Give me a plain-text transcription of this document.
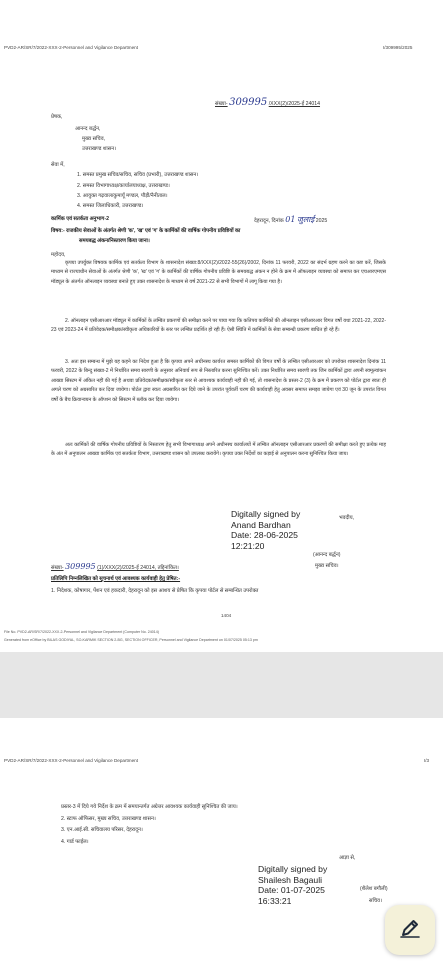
PVD2-AR/SR/7/2022-XXX-2-Personnel and Vigilance Department	I/309995/2025
संख्या- 309995 /XXX(2)/2025-ई 24014
प्रेषक,
आनन्द बर्द्धन,
मुख्य सचिव,
उत्तराखण्ड शासन।
सेवा में,
1. समस्त प्रमुख सचिव/सचिव, सचिव (प्रभारी), उत्तराखण्ड शासन।
2. समस्त विभागाध्यक्ष/कार्यालयाध्यक्ष, उत्तराखण्ड।
3. आयुक्त गढ़वाल/कुमायूँ मण्डल, पौड़ी/नैनीताल।
4. समस्त जिलाधिकारी, उत्तराखण्ड।
कार्मिक एवं सतर्कता अनुभाग-2	देहरादून, दिनांक 01 जुलाई 2025
विषय:- राजकीय सेवाओं के अंतर्गत श्रेणी 'क', 'ख' एवं 'ग' के कार्मिकों की वार्षिक गोपनीय प्रविष्टियों का
समयबद्ध अंकन/निस्तारण किया जाना।
महोदय,
कृपया उपर्युक्त विषयक कार्मिक एवं सतर्कता विभाग के शासनादेश संख्या:8/XXX(2)/2022-55(26)/2002, दिनांक 11 फरवरी, 2022 का संदर्भ ग्रहण करने का कष्ट करें, जिसके माध्यम से राज्याधीन सेवाओं के अंतर्गत श्रेणी 'क', 'ख' एवं 'ग' के कार्मिकों की वार्षिक गोपनीय प्रविष्टि के समयबद्ध अंकन न होने के क्रम में ऑफलाइन व्यवस्था को समाप्त कर एचआरएमएस मॉड्यूल के अंतर्गत ऑनलाइन व्यवस्था बनाते हुए उक्त शासनादेश के माध्यम से वर्ष 2021-22 से सभी विभागों में लागू किया गया है।
2. ऑनलाइन एसीआरआर मॉड्यूल में कार्मिकों के लम्बित प्रकरणों की समीक्षा करने पर पाया गया कि कतिपय कार्मिकों की ऑनलाइन एसीआरआर विगत वर्षों यथा 2021-22, 2022-23 एवं 2023-24 में प्रतिवेदक/समीक्षक/स्वीकृता अधिकारियों के स्तर पर लम्बित प्रदर्शित हो रही हैं। ऐसी स्थिति में कार्मिकों के सेवा सम्बन्धी प्रकरण बाधित हो रहे हैं।
3. अतः इस सम्बन्ध में मुझे यह कहने का निदेश हुआ है कि कृपया अपने अधीनस्थ कार्यरत समस्त कार्मिकों की विगत वर्षों के लम्बित एसीआरआर को उपरोक्त शासनादेश दिनांक 11 फरवरी, 2022 के बिन्दु संख्या-2 में निर्धारित समय सारणी के अनुसार अनिवार्य रूप से निस्तारित करना सुनिश्चित करें। उक्त निर्धारित समय सारणी तक जिन कार्मिकों द्वारा अपनी स्वमूल्यांकन आख्या सिस्टम में अंकित नहीं की गई है अथवा प्रतिवेदक/समीक्षक/स्वीकृता स्तर से आवश्यक कार्यवाही नहीं की गई, तो शासनादेश के प्रस्तर-2 (3) के क्रम में प्रकरण को पोर्टल द्वारा स्वतः ही अगले चरण को अग्रसारित कर दिया जायेगा। पोर्टल द्वारा स्वतः अग्रसारित कर दिये जाने के उपरांत पूर्ववर्ती चरण की कार्यवाही हेतु अवसर समाप्त समझा जायेगा एवं 30 जून के उपरांत विगत वर्षों के बैच क्रियान्वयन के ऑप्शन को सिस्टम में ब्लॉक कर दिया जायेगा।
अतः कार्मिकों की वार्षिक गोपनीय प्रविष्टियों के निस्तारण हेतु सभी विभागाध्यक्ष अपने अधीनस्थ कार्यालयों में लम्बित ऑनलाइन एसीआरआर प्रकरणों की समीक्षा करते हुए प्रत्येक माह के अंत में अनुपालन आख्या कार्मिक एवं सतर्कता विभाग, उत्तराखण्ड शासन को उपलब्ध करायेंगे। कृपया उक्त निर्देशों का कड़ाई से अनुपालन करना सुनिश्चित किया जाय।
Digitally signed by
Anand Bardhan
Date: 28-06-2025
12:21:20
भवदीय,
(आनन्द बर्द्धन)
मुख्य सचिव।
संख्या- 309995 (1)/XXX(2)/2025-ई 24014, तद्दिनांकित।
प्रतिलिपि निम्नलिखित को सूचनार्थ एवं आवश्यक कार्यवाही हेतु प्रेषित:-
1. निदेशक, कोषागार, पेंशन एवं हकदारी, देहरादून को इस आशय से प्रेषित कि कृपया पोर्टल से सम्बन्धित उपरोक्त
1404
File No. PVD2-AR/SR/7/2022-XXX-2-Personnel and Vigilance Department (Computer No. 24014)
Generated from eOffice by BILAS GODIYAL, SO-KARMIK SECTION 2-BG, SECTION OFFICER, Personnel and Vigilance Department on 01/07/2025 05:13 pm
PVD2-AR/SR/7/2022-XXX-2-Personnel and Vigilance Department	I/3
प्रस्तर-3 में दिये गये निर्देश के क्रम में समयान्तर्गत अग्रेत्तर आवश्यक कार्यवाही सुनिश्चित की जाय।
2. स्टाफ ऑफिसर, मुख्य सचिव, उत्तराखण्ड शासन।
3. एन.आई.सी. सचिवालय परिसर, देहरादून।
4. गार्ड फाईल।
आज्ञा से,
Digitally signed by
Shailesh Bagauli
Date: 01-07-2025
16:33:21
(शैलेश बगौली)
सचिव।
